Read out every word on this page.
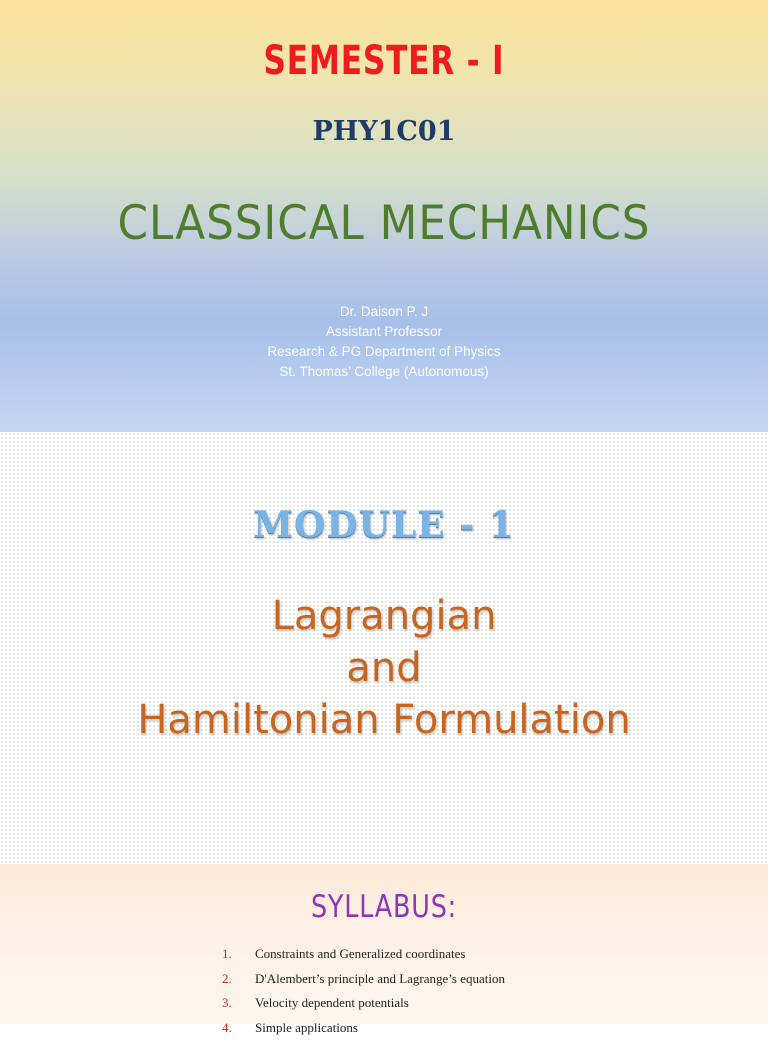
SEMESTER - I
PHY1C01
CLASSICAL MECHANICS
Dr. Daison P. J
Assistant Professor
Research & PG Department of Physics
St. Thomas’ College (Autonomous)
MODULE - 1
Lagrangian
and
Hamiltonian Formulation
SYLLABUS:
1. Constraints and Generalized coordinates
2. D'Alembert’s principle and Lagrange’s equation
3. Velocity dependent potentials
4. Simple applications
